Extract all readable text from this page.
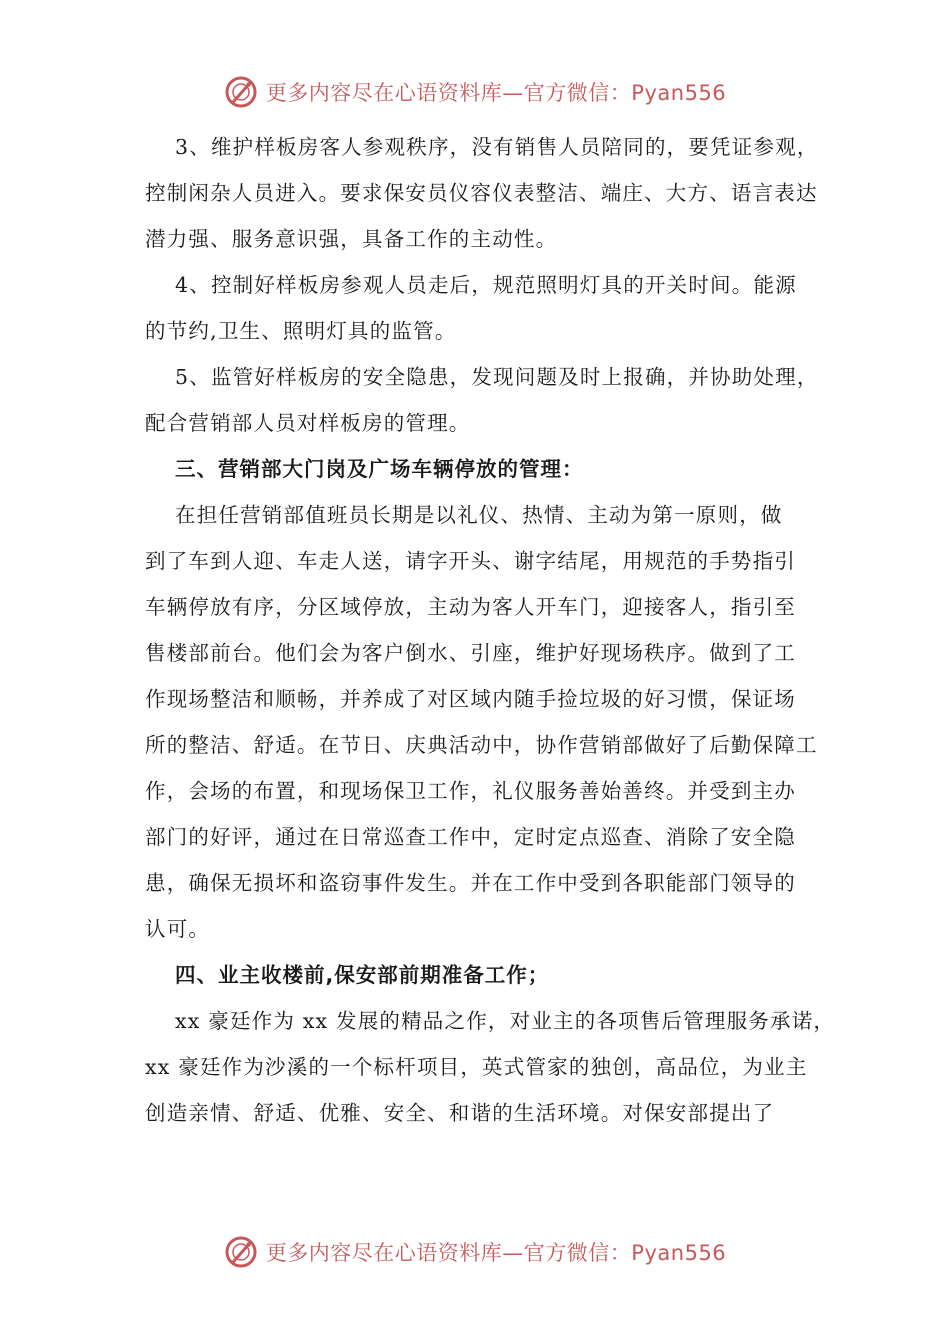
更多内容尽在心语资料库—官方微信：Pyan556

3、维护样板房客人参观秩序，没有销售人员陪同的，要凭证参观，
控制闲杂人员进入。要求保安员仪容仪表整洁、端庄、大方、语言表达
潜力强、服务意识强，具备工作的主动性。

4、控制好样板房参观人员走后，规范照明灯具的开关时间。能源
的节约,卫生、照明灯具的监管。

5、监管好样板房的安全隐患，发现问题及时上报确，并协助处理，
配合营销部人员对样板房的管理。

三、营销部大门岗及广场车辆停放的管理：

在担任营销部值班员长期是以礼仪、热情、主动为第一原则，做
到了车到人迎、车走人送，请字开头、谢字结尾，用规范的手势指引
车辆停放有序，分区域停放，主动为客人开车门，迎接客人，指引至
售楼部前台。他们会为客户倒水、引座，维护好现场秩序。做到了工
作现场整洁和顺畅，并养成了对区域内随手捡垃圾的好习惯，保证场
所的整洁、舒适。在节日、庆典活动中，协作营销部做好了后勤保障工
作，会场的布置，和现场保卫工作，礼仪服务善始善终。并受到主办
部门的好评，通过在日常巡查工作中，定时定点巡查、消除了安全隐
患，确保无损坏和盗窃事件发生。并在工作中受到各职能部门领导的
认可。

四、业主收楼前,保安部前期准备工作；

xx 豪廷作为 xx 发展的精品之作，对业主的各项售后管理服务承诺，
xx 豪廷作为沙溪的一个标杆项目，英式管家的独创，高品位，为业主
创造亲情、舒适、优雅、安全、和谐的生活环境。对保安部提出了

更多内容尽在心语资料库—官方微信：Pyan556
